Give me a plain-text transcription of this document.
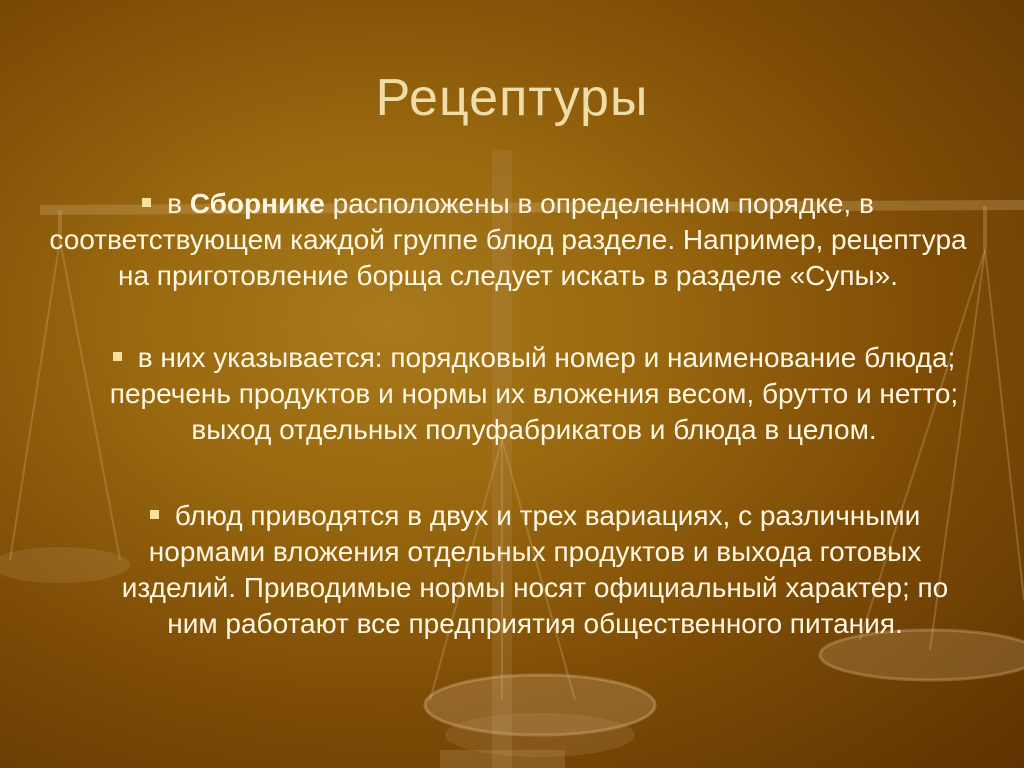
Рецептуры
в Сборнике расположены в определенном порядке, в соответствующем каждой группе блюд разделе. Например, рецептура на приготовление борща следует искать в разделе «Супы».
в них указывается: порядковый номер и наименование блюда; перечень продуктов и нормы их вложения весом, брутто и нетто; выход отдельных полуфабрикатов и блюда в целом.
блюд приводятся в двух и трех вариациях, с различными нормами вложения отдельных продуктов и выхода готовых изделий. Приводимые нормы носят официальный характер; по ним работают все предприятия общественного питания.
